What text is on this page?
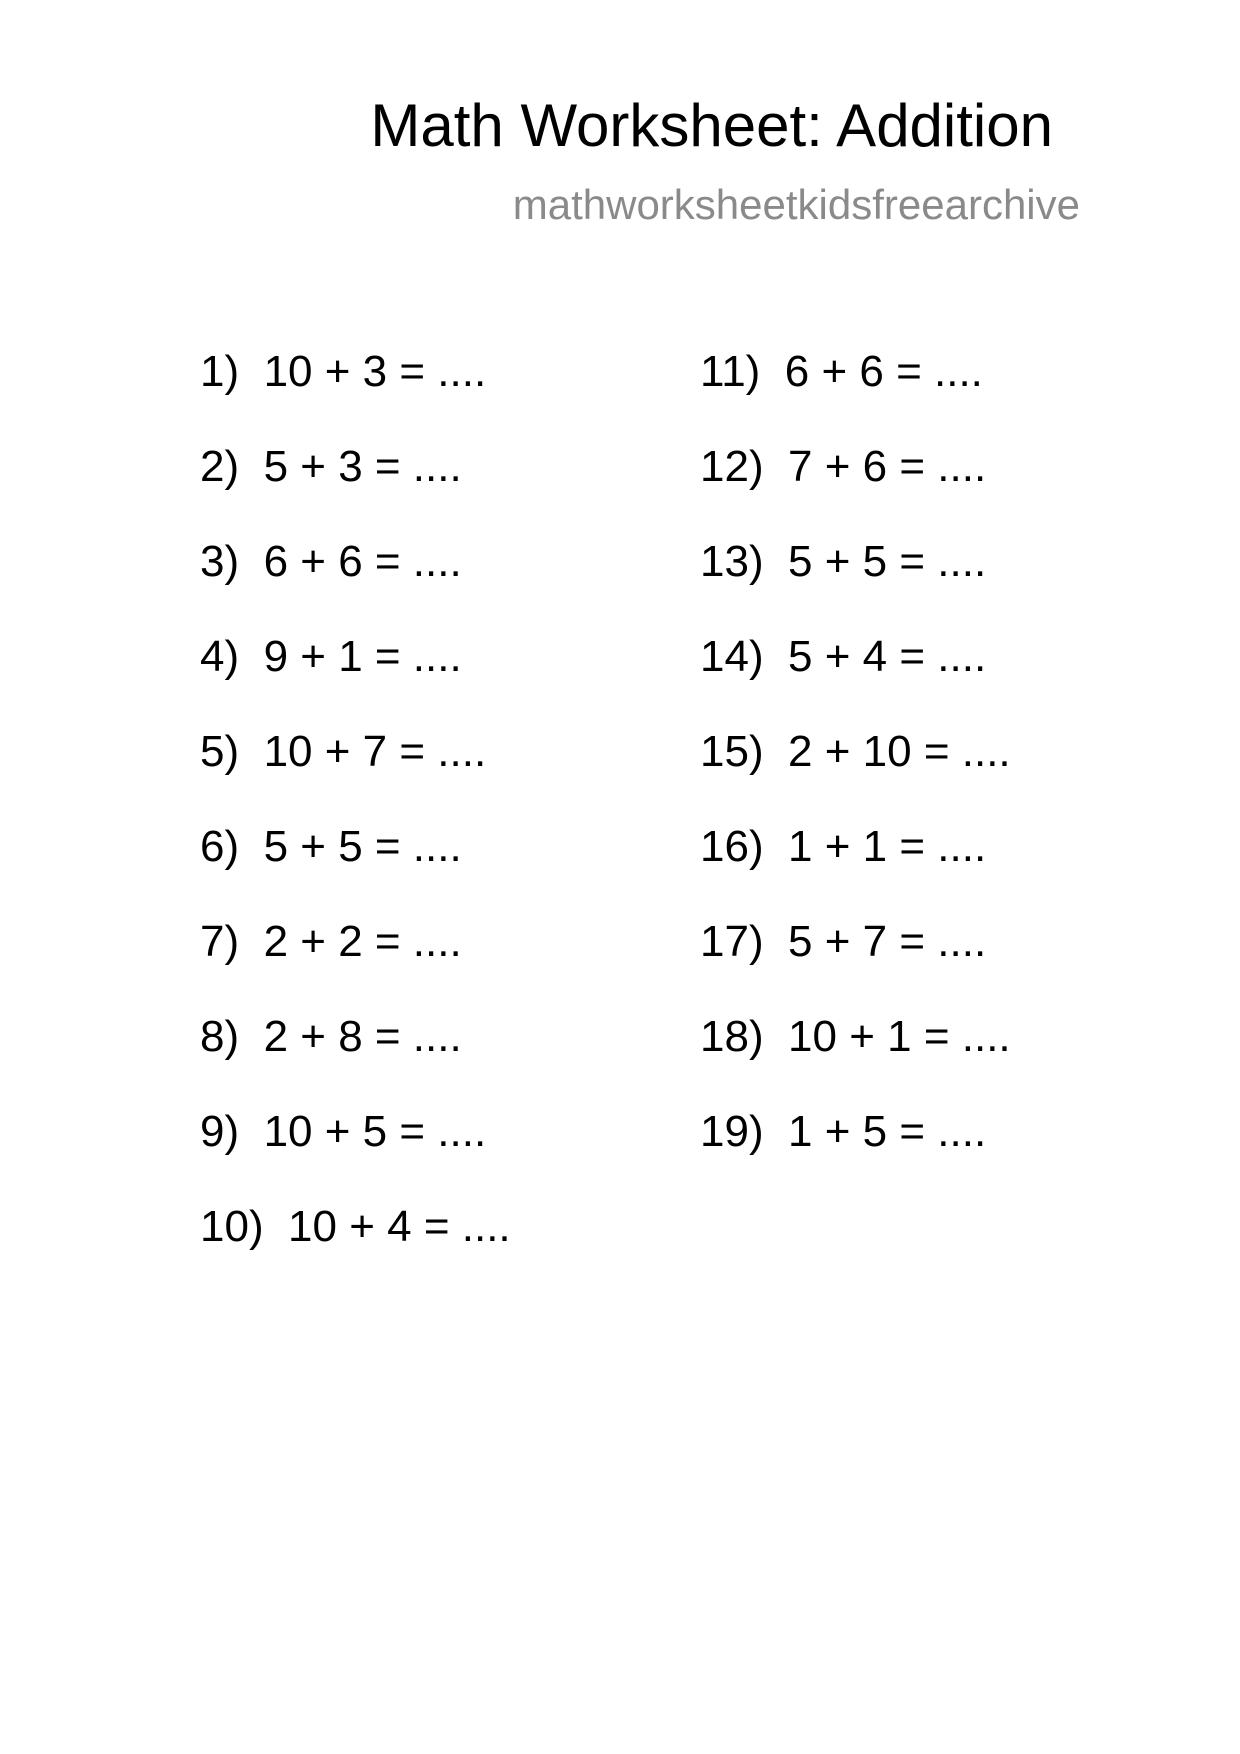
Math Worksheet: Addition
mathworksheetkidsfreearchive
1) 10 + 3 = ....
2) 5 + 3 = ....
3) 6 + 6 = ....
4) 9 + 1 = ....
5) 10 + 7 = ....
6) 5 + 5 = ....
7) 2 + 2 = ....
8) 2 + 8 = ....
9) 10 + 5 = ....
10) 10 + 4 = ....
11) 6 + 6 = ....
12) 7 + 6 = ....
13) 5 + 5 = ....
14) 5 + 4 = ....
15) 2 + 10 = ....
16) 1 + 1 = ....
17) 5 + 7 = ....
18) 10 + 1 = ....
19) 1 + 5 = ....
